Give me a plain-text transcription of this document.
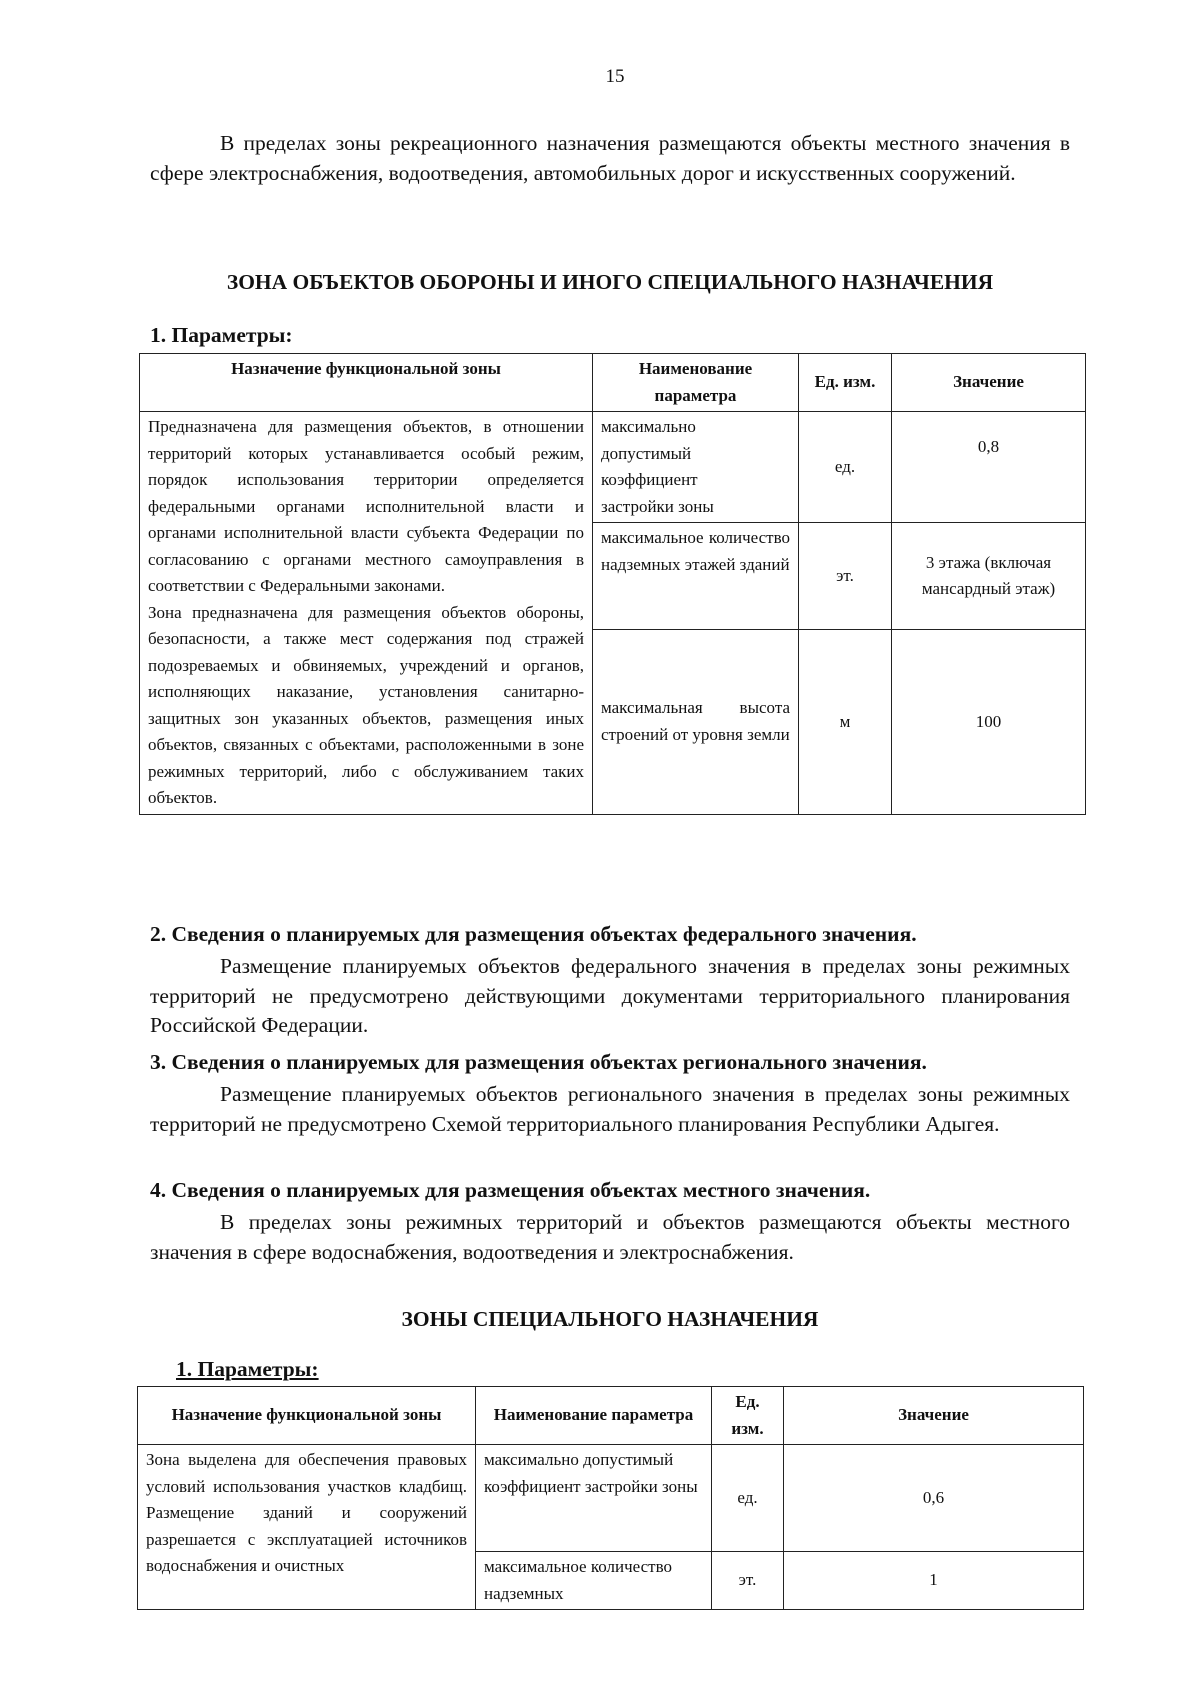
15
В пределах зоны рекреационного назначения размещаются объекты местного значения в сфере электроснабжения, водоотведения, автомобильных дорог и искусственных сооружений.
ЗОНА ОБЪЕКТОВ ОБОРОНЫ И ИНОГО СПЕЦИАЛЬНОГО НАЗНАЧЕНИЯ
1. Параметры:
Назначение функциональной зоны	Наименование параметра	Ед. изм.	Значение

Предназначена для размещения объектов, в отношении территорий которых устанавливается особый режим, порядок использования территории определяется федеральными органами исполнительной власти и органами исполнительной власти субъекта Федерации по согласованию с органами местного самоуправления в соответствии с Федеральными законами.
Зона предназначена для размещения объектов обороны, безопасности, а также мест содержания под стражей подозреваемых и обвиняемых, учреждений и органов, исполняющих наказание, установления санитарно-защитных зон указанных объектов, размещения иных объектов, связанных с объектами, расположенными в зоне режимных территорий, либо с обслуживанием таких объектов.	максимально допустимый коэффициент застройки зоны	ед.	0,8
	максимальное количество надземных этажей зданий	эт.	3 этажа (включая мансардный этаж)
	максимальная высота строений от уровня земли	м	100
2. Сведения о планируемых для размещения объектах федерального значения.
Размещение планируемых объектов федерального значения в пределах зоны режимных территорий не предусмотрено действующими документами территориального планирования Российской Федерации.
3. Сведения о планируемых для размещения объектах регионального значения.
Размещение планируемых объектов регионального значения в пределах зоны режимных территорий не предусмотрено Схемой территориального планирования Республики Адыгея.
4. Сведения о планируемых для размещения объектах местного значения.
В пределах зоны режимных территорий и объектов размещаются объекты местного значения в сфере водоснабжения, водоотведения и электроснабжения.
ЗОНЫ СПЕЦИАЛЬНОГО НАЗНАЧЕНИЯ
1. Параметры:
Назначение функциональной зоны	Наименование параметра	Ед. изм.	Значение
Зона выделена для обеспечения правовых условий использования участков кладбищ. Размещение зданий и сооружений разрешается с эксплуатацией источников водоснабжения и очистных	максимально допустимый коэффициент застройки зоны	ед.	0,6
	максимальное количество надземных	эт.	1
